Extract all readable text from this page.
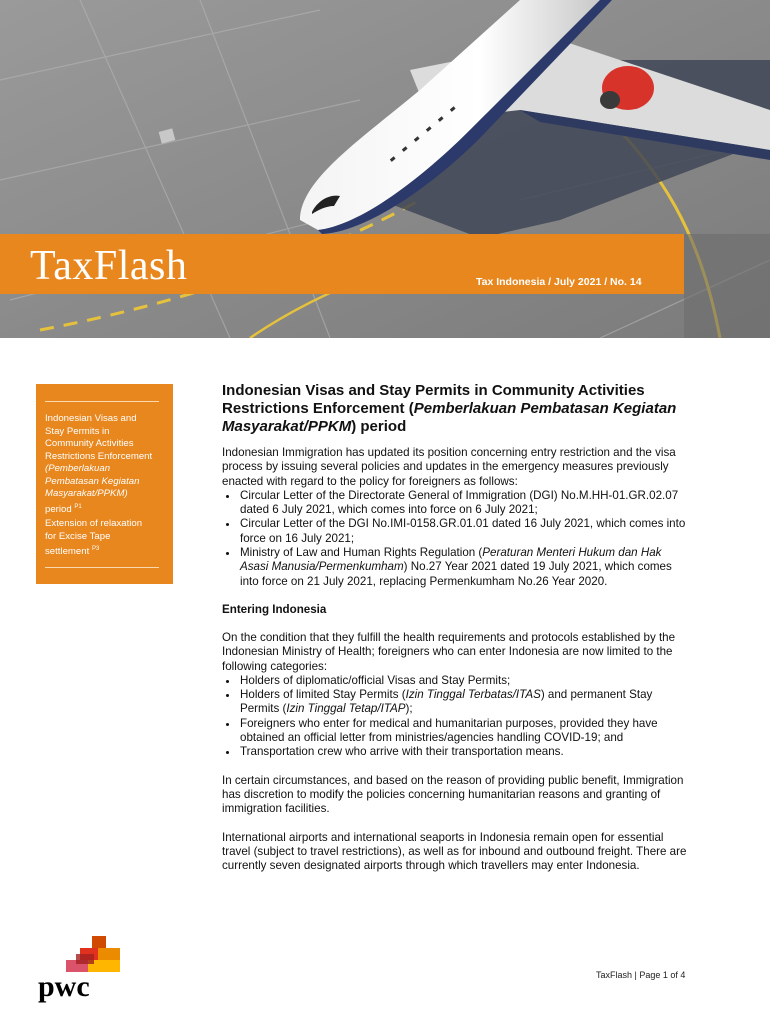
TaxFlash	Tax Indonesia / July 2021 / No. 14
Indonesian Visas and
Stay Permits in
Community Activities
Restrictions Enforcement
(Pemberlakuan
Pembatasan Kegiatan
Masyarakat/PPKM)
period $^{P1}$
Extension of relaxation
for Excise Tape
settlement $^{P3}$
Indonesian Visas and Stay Permits in Community Activities Restrictions Enforcement (Pemberlakuan Pembatasan Kegiatan Masyarakat/PPKM) period

Indonesian Immigration has updated its position concerning entry restriction and the visa process by issuing several policies and updates in the emergency measures previously enacted with regard to the policy for foreigners as follows:

• Circular Letter of the Directorate General of Immigration (DGI) No.M.HH-01.GR.02.07 dated 6 July 2021, which comes into force on 6 July 2021;
• Circular Letter of the DGI No.IMI-0158.GR.01.01 dated 16 July 2021, which comes into force on 16 July 2021;
• Ministry of Law and Human Rights Regulation (Peraturan Menteri Hukum dan Hak Asasi Manusia/Permenkumham) No.27 Year 2021 dated 19 July 2021, which comes into force on 21 July 2021, replacing Permenkumham No.26 Year 2020.
Entering Indonesia

On the condition that they fulfill the health requirements and protocols established by the Indonesian Ministry of Health; foreigners who can enter Indonesia are now limited to the following categories:

• Holders of diplomatic/official Visas and Stay Permits;
• Holders of limited Stay Permits (Izin Tinggal Terbatas/ITAS) and permanent Stay Permits (Izin Tinggal Tetap/ITAP);
• Foreigners who enter for medical and humanitarian purposes, provided they have obtained an official letter from ministries/agencies handling COVID-19; and
• Transportation crew who arrive with their transportation means.

In certain circumstances, and based on the reason of providing public benefit, Immigration has discretion to modify the policies concerning humanitarian reasons and granting of immigration facilities.

International airports and international seaports in Indonesia remain open for essential travel (subject to travel restrictions), as well as for inbound and outbound freight. There are currently seven designated airports through which travellers may enter Indonesia.

pwc	TaxFlash | Page 1 of 4
